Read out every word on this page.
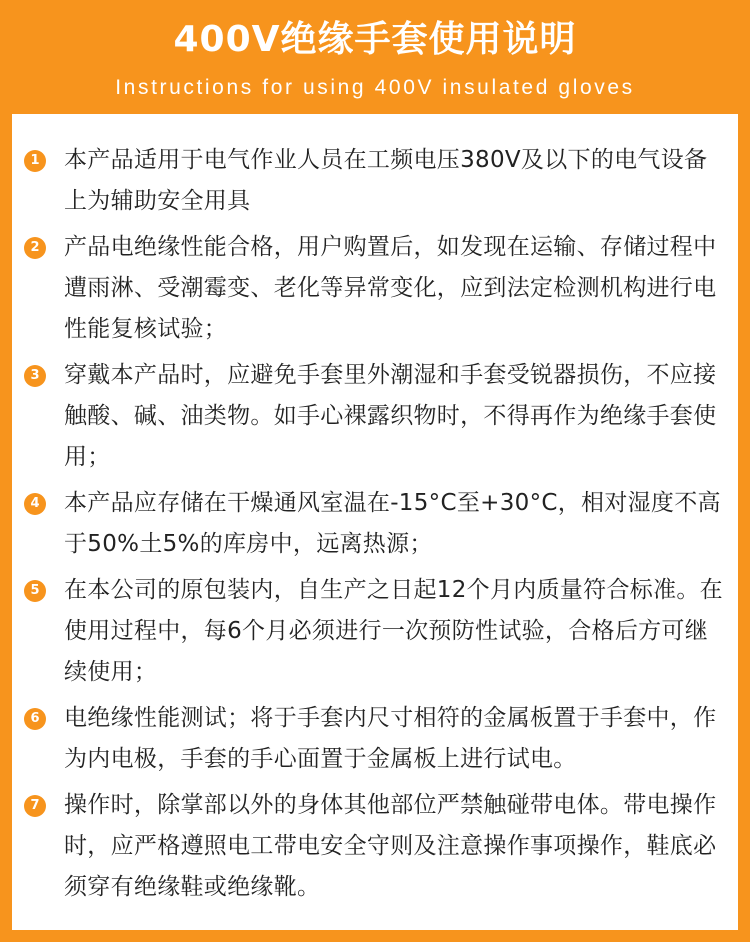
400V绝缘手套使用说明
Instructions for using 400V insulated gloves
1 本产品适用于电气作业人员在工频电压380V及以下的电气设备上为辅助安全用具
2 产品电绝缘性能合格，用户购置后，如发现在运输、存储过程中遭雨淋、受潮霉变、老化等异常变化，应到法定检测机构进行电性能复核试验；
3 穿戴本产品时，应避免手套里外潮湿和手套受锐器损伤，不应接触酸、碱、油类物。如手心裸露织物时，不得再作为绝缘手套使用；
4 本产品应存储在干燥通风室温在-15°C至+30°C，相对湿度不高于50%土5%的库房中，远离热源；
5 在本公司的原包装内，自生产之日起12个月内质量符合标准。在使用过程中，每6个月必须进行一次预防性试验，合格后方可继续使用；
6 电绝缘性能测试；将于手套内尺寸相符的金属板置于手套中，作为内电极，手套的手心面置于金属板上进行试电。
7 操作时，除掌部以外的身体其他部位严禁触碰带电体。带电操作时，应严格遵照电工带电安全守则及注意操作事项操作，鞋底必须穿有绝缘鞋或绝缘靴。
